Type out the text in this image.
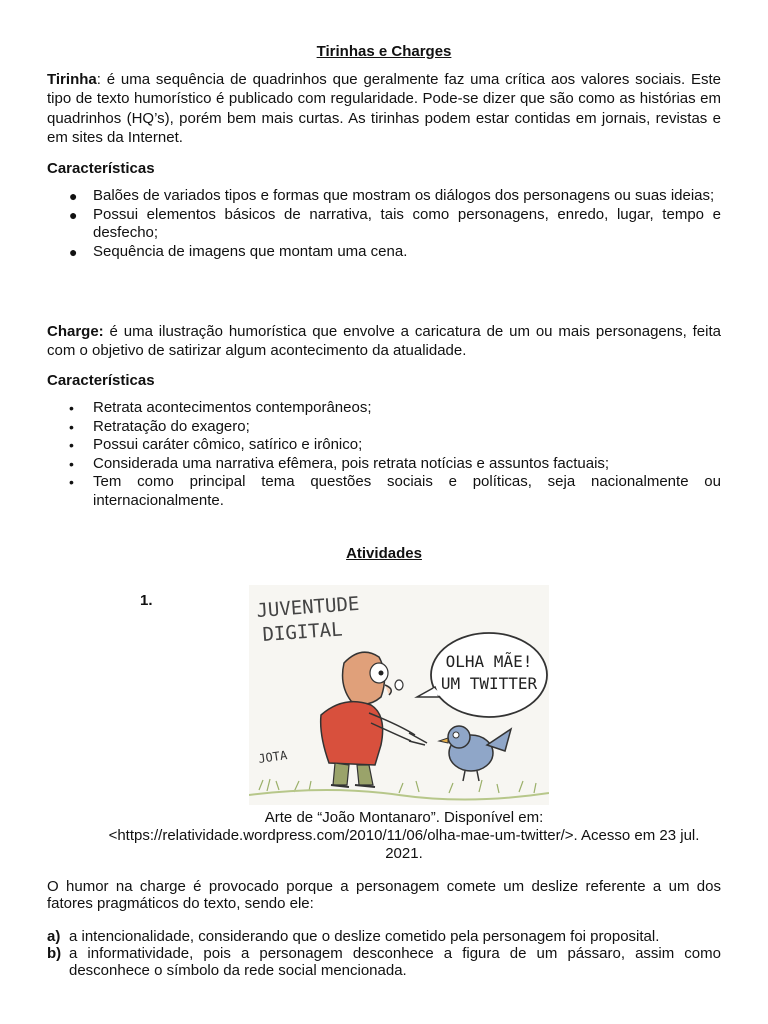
Tirinhas e Charges

Tirinha: é uma sequência de quadrinhos que geralmente faz uma crítica aos valores sociais. Este tipo de texto humorístico é publicado com regularidade. Pode-se dizer que são como as histórias em quadrinhos (HQ’s), porém bem mais curtas. As tirinhas podem estar contidas em jornais, revistas e em sites da Internet.

Características
● Balões de variados tipos e formas que mostram os diálogos dos personagens ou suas ideias;
● Possui elementos básicos de narrativa, tais como personagens, enredo, lugar, tempo e desfecho;
● Sequência de imagens que montam uma cena.

Charge: é uma ilustração humorística que envolve a caricatura de um ou mais personagens, feita com o objetivo de satirizar algum acontecimento da atualidade.

Características
• Retrata acontecimentos contemporâneos;
• Retratação do exagero;
• Possui caráter cômico, satírico e irônico;
• Considerada uma narrativa efêmera, pois retrata notícias e assuntos factuais;
• Tem como principal tema questões sociais e políticas, seja nacionalmente ou internacionalmente.
Atividades
1.	JUVENTUDE
DIGITAL
OLHA MÃE!
UM TWITTER
JOTA
Arte de “João Montanaro”. Disponível em:
<https://relatividade.wordpress.com/2010/11/06/olha-mae-um-twitter/>. Acesso em 23 jul.
2021.

O humor na charge é provocado porque a personagem comete um deslize referente a um dos fatores pragmáticos do texto, sendo ele:

a) a intencionalidade, considerando que o deslize cometido pela personagem foi proposital.
b) a informatividade, pois a personagem desconhece a figura de um pássaro, assim como desconhece o símbolo da rede social mencionada.
